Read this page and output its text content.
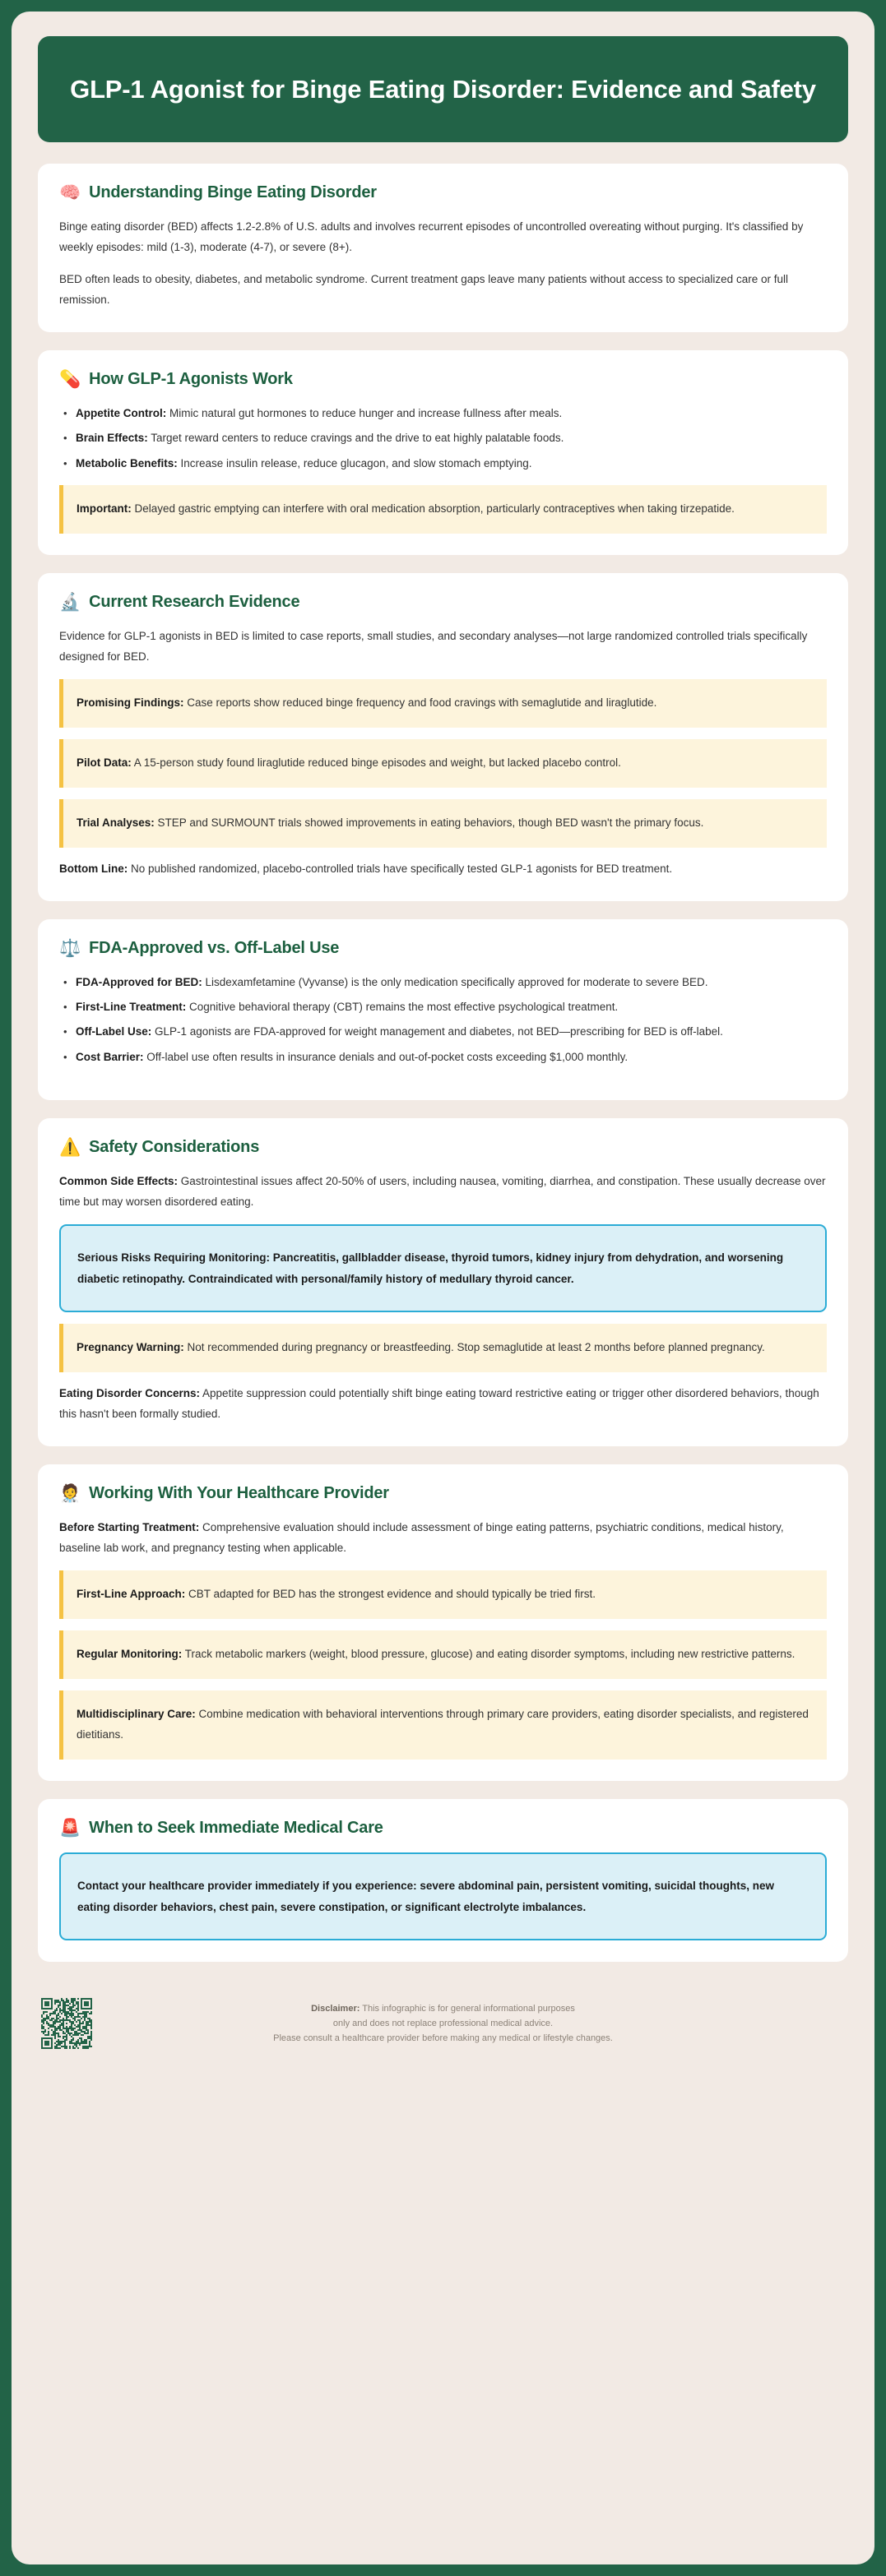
GLP-1 Agonist for Binge Eating Disorder: Evidence and Safety
🧠 Understanding Binge Eating Disorder

Binge eating disorder (BED) affects 1.2-2.8% of U.S. adults and involves recurrent episodes of uncontrolled overeating without purging. It's classified by weekly episodes: mild (1-3), moderate (4-7), or severe (8+).

BED often leads to obesity, diabetes, and metabolic syndrome. Current treatment gaps leave many patients without access to specialized care or full remission.

💊 How GLP-1 Agonists Work
• Appetite Control: Mimic natural gut hormones to reduce hunger and increase fullness after meals.
• Brain Effects: Target reward centers to reduce cravings and the drive to eat highly palatable foods.
• Metabolic Benefits: Increase insulin release, reduce glucagon, and slow stomach emptying.
Important: Delayed gastric emptying can interfere with oral medication absorption, particularly contraceptives when taking tirzepatide.
🔬 Current Research Evidence

Evidence for GLP-1 agonists in BED is limited to case reports, small studies, and secondary analyses—not large randomized controlled trials specifically designed for BED.

Promising Findings: Case reports show reduced binge frequency and food cravings with semaglutide and liraglutide.
Pilot Data: A 15-person study found liraglutide reduced binge episodes and weight, but lacked placebo control.
Trial Analyses: STEP and SURMOUNT trials showed improvements in eating behaviors, though BED wasn't the primary focus.

Bottom Line: No published randomized, placebo-controlled trials have specifically tested GLP-1 agonists for BED treatment.

⚖️ FDA-Approved vs. Off-Label Use
• FDA-Approved for BED: Lisdexamfetamine (Vyvanse) is the only medication specifically approved for moderate to severe BED.
• First-Line Treatment: Cognitive behavioral therapy (CBT) remains the most effective psychological treatment.
• Off-Label Use: GLP-1 agonists are FDA-approved for weight management and diabetes, not BED—prescribing for BED is off-label.
• Cost Barrier: Off-label use often results in insurance denials and out-of-pocket costs exceeding $1,000 monthly.
⚠️ Safety Considerations

Common Side Effects: Gastrointestinal issues affect 20-50% of users, including nausea, vomiting, diarrhea, and constipation. These usually decrease over time but may worsen disordered eating.

Serious Risks Requiring Monitoring: Pancreatitis, gallbladder disease, thyroid tumors, kidney injury from dehydration, and worsening diabetic retinopathy. Contraindicated with personal/family history of medullary thyroid cancer.
Pregnancy Warning: Not recommended during pregnancy or breastfeeding. Stop semaglutide at least 2 months before planned pregnancy.

Eating Disorder Concerns: Appetite suppression could potentially shift binge eating toward restrictive eating or trigger other disordered behaviors, though this hasn't been formally studied.

🧑‍⚕️ Working With Your Healthcare Provider

Before Starting Treatment: Comprehensive evaluation should include assessment of binge eating patterns, psychiatric conditions, medical history, baseline lab work, and pregnancy testing when applicable.

First-Line Approach: CBT adapted for BED has the strongest evidence and should typically be tried first.
Regular Monitoring: Track metabolic markers (weight, blood pressure, glucose) and eating disorder symptoms, including new restrictive patterns.
Multidisciplinary Care: Combine medication with behavioral interventions through primary care providers, eating disorder specialists, and registered dietitians.
🚨 When to Seek Immediate Medical Care
Contact your healthcare provider immediately if you experience: severe abdominal pain, persistent vomiting, suicidal thoughts, new eating disorder behaviors, chest pain, severe constipation, or significant electrolyte imbalances.
Disclaimer: This infographic is for general informational purposes
only and does not replace professional medical advice.
Please consult a healthcare provider before making any medical or lifestyle changes.
